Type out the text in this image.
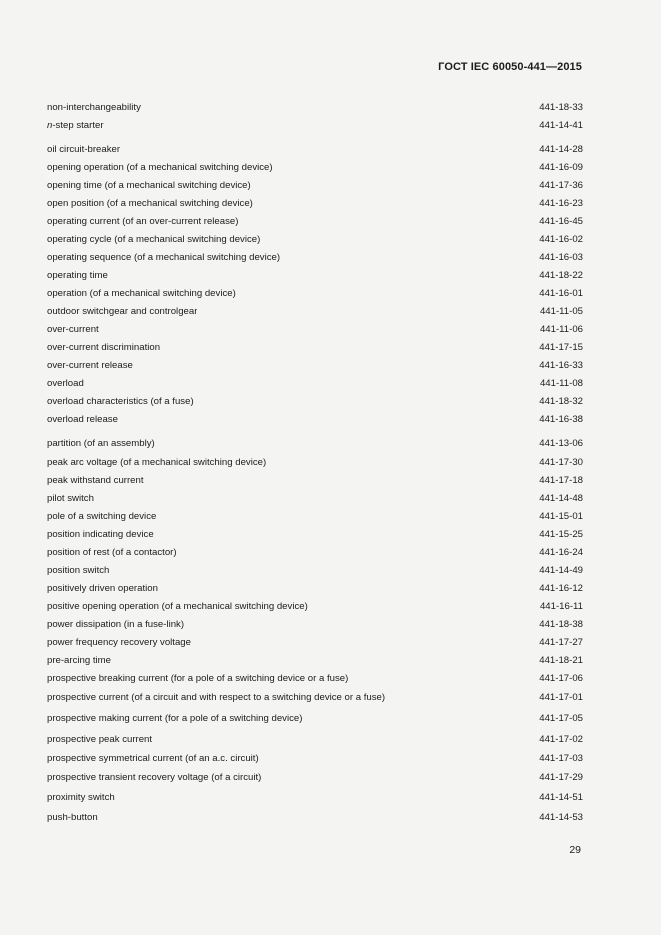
ГОСТ IEC 60050-441—2015
non-interchangeability	441-18-33
n-step starter	441-14-41
oil circuit-breaker	441-14-28
opening operation (of a mechanical switching device)	441-16-09
opening time (of a mechanical switching device)	441-17-36
open position (of a mechanical switching device)	441-16-23
operating current (of an over-current release)	441-16-45
operating cycle (of a mechanical switching device)	441-16-02
operating sequence (of a mechanical switching device)	441-16-03
operating time	441-18-22
operation (of a mechanical switching device)	441-16-01
outdoor switchgear and controlgear	441-11-05
over-current	441-11-06
over-current discrimination	441-17-15
over-current release	441-16-33
overload	441-11-08
overload characteristics (of a fuse)	441-18-32
overload release	441-16-38
partition (of an assembly)	441-13-06
peak arc voltage (of a mechanical switching device)	441-17-30
peak withstand current	441-17-18
pilot switch	441-14-48
pole of a switching device	441-15-01
position indicating device	441-15-25
position of rest (of a contactor)	441-16-24
position switch	441-14-49
positively driven operation	441-16-12
positive opening operation (of a mechanical switching device)	441-16-11
power dissipation (in a fuse-link)	441-18-38
power frequency recovery voltage	441-17-27
pre-arcing time	441-18-21
prospective breaking current (for a pole of a switching device or a fuse)	441-17-06
prospective current (of a circuit and with respect to a switching device or a fuse)	441-17-01
prospective making current (for a pole of a switching device)	441-17-05
prospective peak current	441-17-02
prospective symmetrical current (of an a.c. circuit)	441-17-03
prospective transient recovery voltage (of a circuit)	441-17-29
proximity switch	441-14-51
push-button	441-14-53
29
